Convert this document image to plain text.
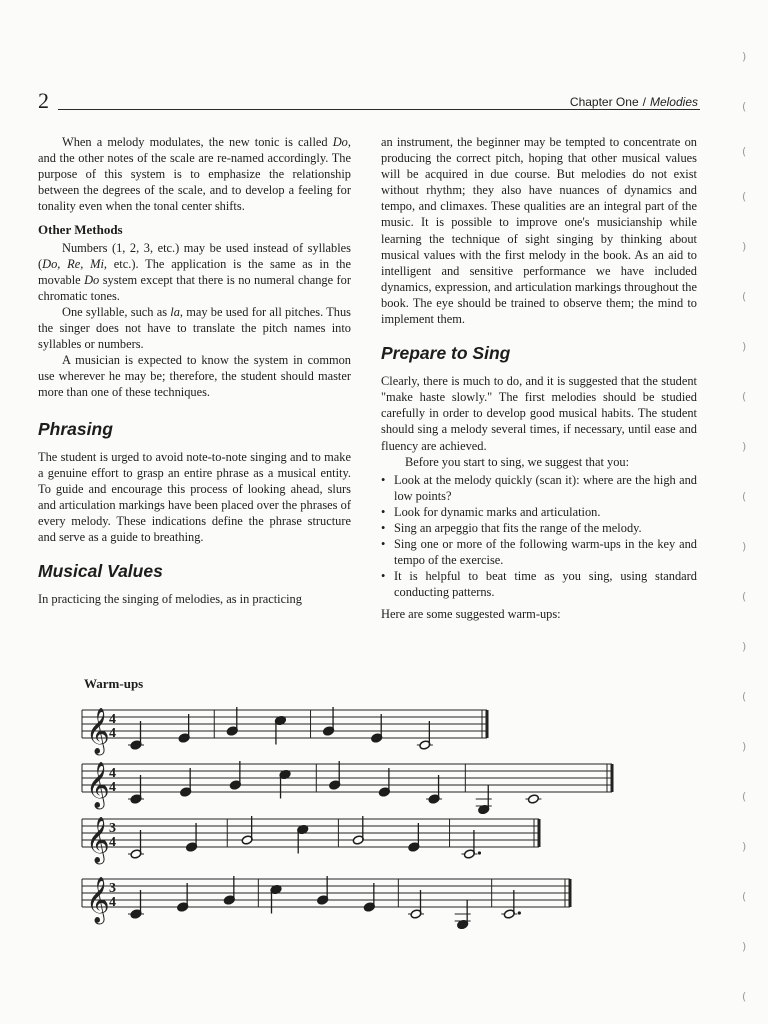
2	Chapter One / Melodies

When a melody modulates, the new tonic is called Do, and the other notes of the scale are re-named accordingly. The purpose of this system is to emphasize the relationship between the degrees of the scale, and to develop a feeling for tonality even when the tonal center shifts.

Other Methods

Numbers (1, 2, 3, etc.) may be used instead of syllables (Do, Re, Mi, etc.). The application is the same as in the movable Do system except that there is no numeral change for chromatic tones.

One syllable, such as la, may be used for all pitches. Thus the singer does not have to translate the pitch names into syllables or numbers.

A musician is expected to know the system in common use wherever he may be; therefore, the student should master more than one of these techniques.

Phrasing

The student is urged to avoid note-to-note singing and to make a genuine effort to grasp an entire phrase as a musical entity. To guide and encourage this process of looking ahead, slurs and articulation markings have been placed over the phrases of every melody. These indications define the phrase structure and serve as a guide to breathing.

Musical Values

In practicing the singing of melodies, as in practicing

an instrument, the beginner may be tempted to concentrate on producing the correct pitch, hoping that other musical values will be acquired in due course. But melodies do not exist without rhythm; they also have nuances of dynamics and tempo, and climaxes. These qualities are an integral part of the music. It is possible to improve one's musicianship while learning the technique of sight singing by thinking about musical values with the first melody in the book. As an aid to intelligent and sensitive performance we have included dynamics, expression, and articulation markings throughout the book. The eye should be trained to observe them; the mind to implement them.

Prepare to Sing

Clearly, there is much to do, and it is suggested that the student "make haste slowly." The first melodies should be studied carefully in order to develop good musical habits. The student should sing a melody several times, if necessary, until ease and fluency are achieved.

Before you start to sing, we suggest that you:

• Look at the melody quickly (scan it): where are the high and low points?
• Look for dynamic marks and articulation.
• Sing an arpeggio that fits the range of the melody.
• Sing one or more of the following warm-ups in the key and tempo of the exercise.
• It is helpful to beat time as you sing, using standard conducting patterns.

Here are some suggested warm-ups:

Warm-ups
𝄞 4
4
𝄞 4
4
𝄞 3
4
𝄞 3
4
)
(
(
(
)
(
)
(
)
(
)
(
)
(
)
(
)
(
)
(
